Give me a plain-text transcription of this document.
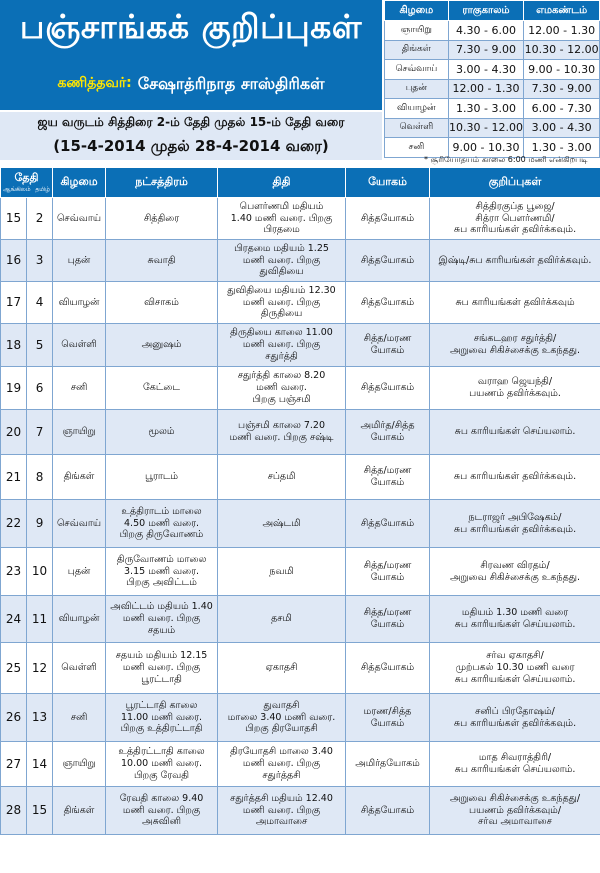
பஞ்சாங்கக் குறிப்புகள்
கணித்தவர்: சேஷாத்ரிநாத சாஸ்திரிகள்
ஜய வருடம் சித்திரை 2-ம் தேதி முதல் 15-ம் தேதி வரை
(15-4-2014 முதல் 28-4-2014 வரை)
கிழமை	ராகுகாலம்	எமகண்டம்
ஞாயிறு	4.30 - 6.00	12.00 - 1.30
திங்கள்	7.30 - 9.00	10.30 - 12.00
செவ்வாய்	3.00 - 4.30	9.00 - 10.30
புதன்	12.00 - 1.30	7.30 - 9.00
வியாழன்	1.30 - 3.00	6.00 - 7.30
வெள்ளி	10.30 - 12.00	3.00 - 4.30
சனி	9.00 - 10.30	1.30 - 3.00
* சூரியோதயம் காலை 6:00 மணி என்கிறபடி
தேதி
ஆங்கிலம் தமிழ்		கிழமை	நட்சத்திரம்	திதி	யோகம்	குறிப்புகள்
15	2	செவ்வாய்	சித்திரை	பௌர்ணமி மதியம்
1.40 மணி வரை. பிறகு
பிரதமை	சித்தயோகம்	சித்திரகுப்த பூஜை/
சித்ரா பௌர்ணமி/
சுப காரியங்கள் தவிர்க்கவும்.
16	3	புதன்	சுவாதி	பிரதமை மதியம் 1.25
மணி வரை. பிறகு
துவிதியை	சித்தயோகம்	இஷ்டி/சுப காரியங்கள் தவிர்க்கவும்.
17	4	வியாழன்	விசாகம்	துவிதியை மதியம் 12.30
மணி வரை. பிறகு
திருதியை	சித்தயோகம்	சுப காரியங்கள் தவிர்க்கவும்
18	5	வெள்ளி	அனுஷம்	திருதியை காலை 11.00
மணி வரை. பிறகு
சதுர்த்தி	சித்த/மரண
யோகம்	சங்கடஹர சதுர்த்தி/
அறுவை சிகிச்சைக்கு உகந்தது.
19	6	சனி	கேட்டை	சதுர்த்தி காலை 8.20
மணி வரை.
பிறகு பஞ்சமி	சித்தயோகம்	வராஹ ஜெயந்தி/
பயணம் தவிர்க்கவும்.
20	7	ஞாயிறு	மூலம்	பஞ்சமி காலை 7.20
மணி வரை. பிறகு சஷ்டி	அமிர்த/சித்த
யோகம்	சுப காரியங்கள் செய்யலாம்.
21	8	திங்கள்	பூராடம்	சப்தமி	சித்த/மரண
யோகம்	சுப காரியங்கள் தவிர்க்கவும்.
22	9	செவ்வாய்	உத்திராடம் மாலை
4.50 மணி வரை.
பிறகு திருவோணம்	அஷ்டமி	சித்தயோகம்	நடராஜர் அபிஷேகம்/
சுப காரியங்கள் தவிர்க்கவும்.
23	10	புதன்	திருவோணம் மாலை
3.15 மணி வரை.
பிறகு அவிட்டம்	நவமி	சித்த/மரண
யோகம்	சிரவண விரதம்/
அறுவை சிகிச்சைக்கு உகந்தது.
24	11	வியாழன்	அவிட்டம் மதியம் 1.40
மணி வரை. பிறகு
சதயம்	தசமி	சித்த/மரண
யோகம்	மதியம் 1.30 மணி வரை
சுப காரியங்கள் செய்யலாம்.
25	12	வெள்ளி	சதயம் மதியம் 12.15
மணி வரை. பிறகு
பூரட்டாதி	ஏகாதசி	சித்தயோகம்	சர்வ ஏகாதசி/
முற்பகல் 10.30 மணி வரை
சுப காரியங்கள் செய்யலாம்.
26	13	சனி	பூரட்டாதி காலை
11.00 மணி வரை.
பிறகு உத்திரட்டாதி	துவாதசி
மாலை 3.40 மணி வரை.
பிறகு திரயோதசி	மரண/சித்த
யோகம்	சனிப் பிரதோஷம்/
சுப காரியங்கள் தவிர்க்கவும்.
27	14	ஞாயிறு	உத்திரட்டாதி காலை
10.00 மணி வரை.
பிறகு ரேவதி	திரயோதசி மாலை 3.40
மணி வரை. பிறகு
சதுர்த்தசி	அமிர்தயோகம்	மாத சிவராத்திரி/
சுப காரியங்கள் செய்யலாம்.
28	15	திங்கள்	ரேவதி காலை 9.40
மணி வரை. பிறகு
அசுவினி	சதுர்த்தசி மதியம் 12.40
மணி வரை. பிறகு
அமாவாசை	சித்தயோகம்	அறுவை சிகிச்சைக்கு உகந்தது/
பயணம் தவிர்க்கவும்/
சர்வ அமாவாசை
